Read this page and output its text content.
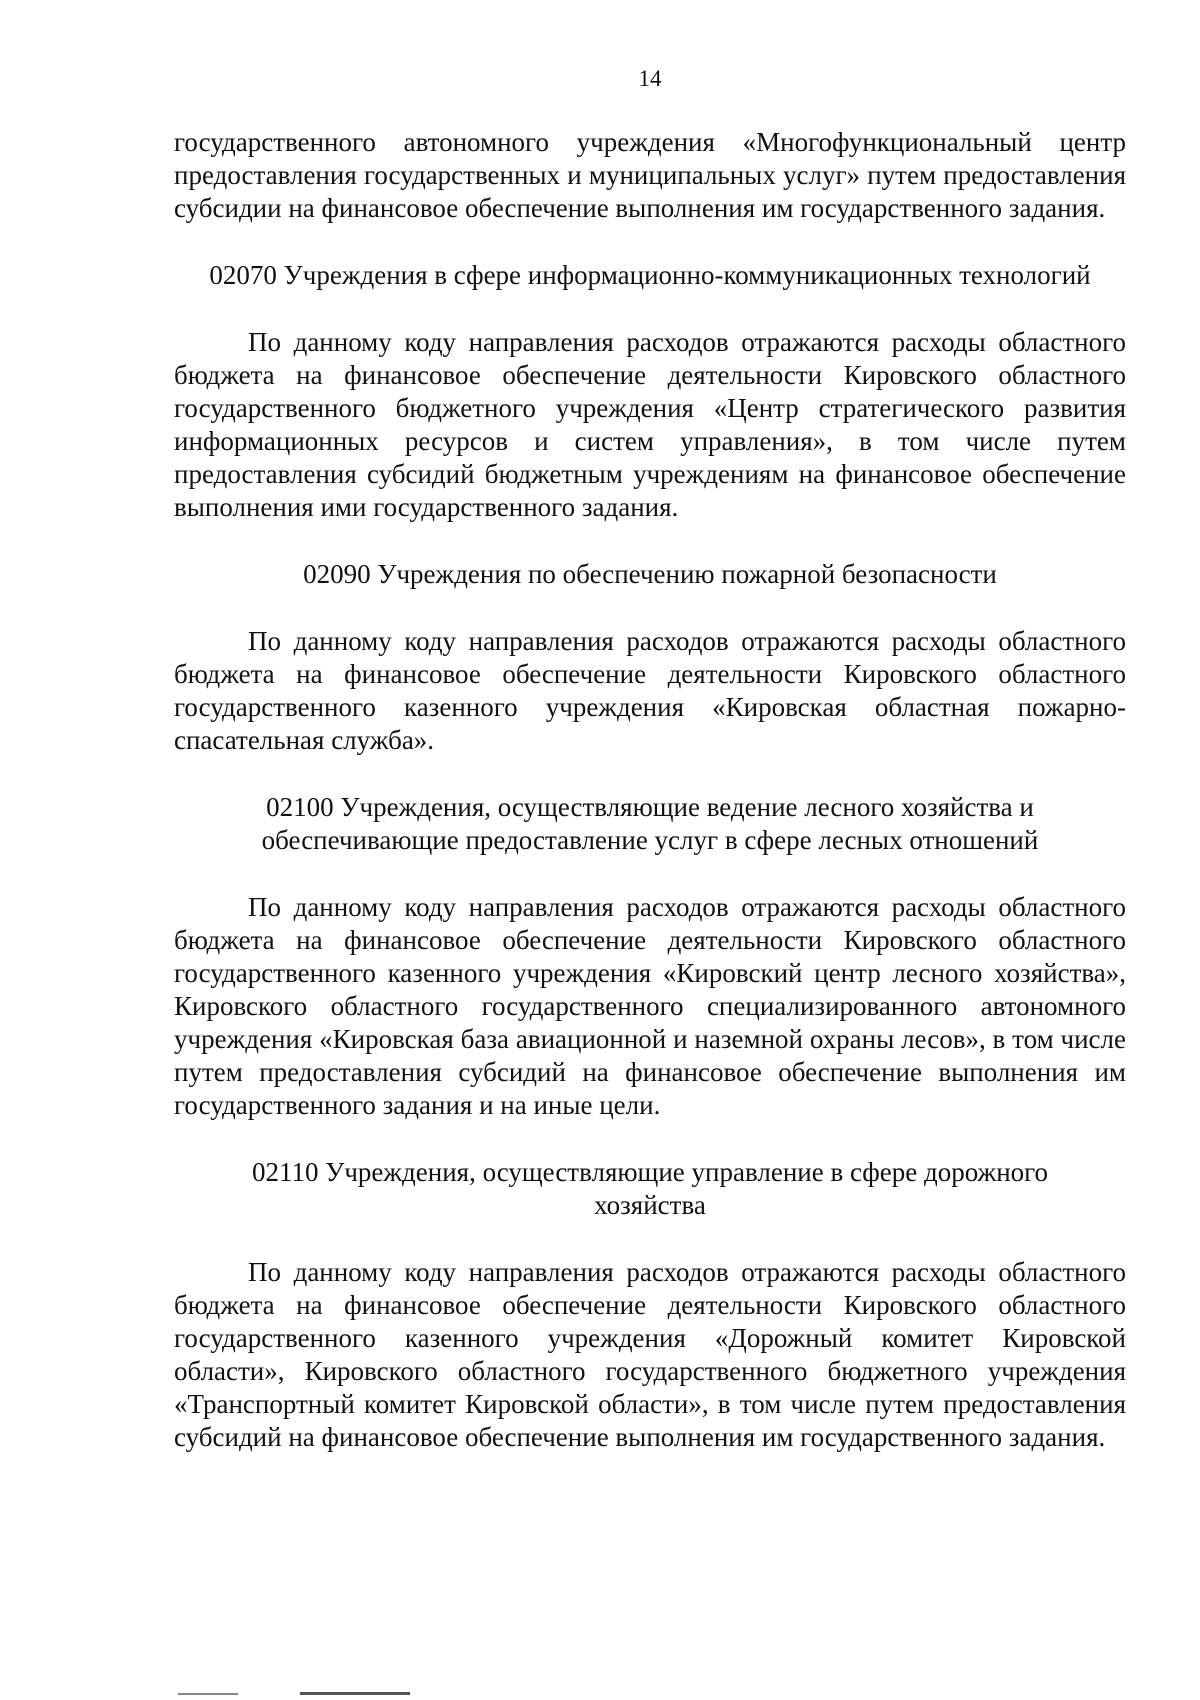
14

государственного автономного учреждения «Многофункциональный центр предоставления государственных и муниципальных услуг» путем предоставления субсидии на финансовое обеспечение выполнения им государственного задания.

02070 Учреждения в сфере информационно-коммуникационных технологий

По данному коду направления расходов отражаются расходы областного бюджета на финансовое обеспечение деятельности Кировского областного государственного бюджетного учреждения «Центр стратегического развития информационных ресурсов и систем управления», в том числе путем предоставления субсидий бюджетным учреждениям на финансовое обеспечение выполнения ими государственного задания.

02090 Учреждения по обеспечению пожарной безопасности

По данному коду направления расходов отражаются расходы областного бюджета на финансовое обеспечение деятельности Кировского областного государственного казенного учреждения «Кировская областная пожарно-спасательная служба».

02100 Учреждения, осуществляющие ведение лесного хозяйства и

обеспечивающие предоставление услуг в сфере лесных отношений

По данному коду направления расходов отражаются расходы областного бюджета на финансовое обеспечение деятельности Кировского областного государственного казенного учреждения «Кировский центр лесного хозяйства», Кировского областного государственного специализированного автономного учреждения «Кировская база авиационной и наземной охраны лесов», в том числе путем предоставления субсидий на финансовое обеспечение выполнения им государственного задания и на иные цели.

02110 Учреждения, осуществляющие управление в сфере дорожного

хозяйства

По данному коду направления расходов отражаются расходы областного бюджета на финансовое обеспечение деятельности Кировского областного государственного казенного учреждения «Дорожный комитет Кировской области», Кировского областного государственного бюджетного учреждения «Транспортный комитет Кировской области», в том числе путем предоставления субсидий на финансовое обеспечение выполнения им государственного задания.
